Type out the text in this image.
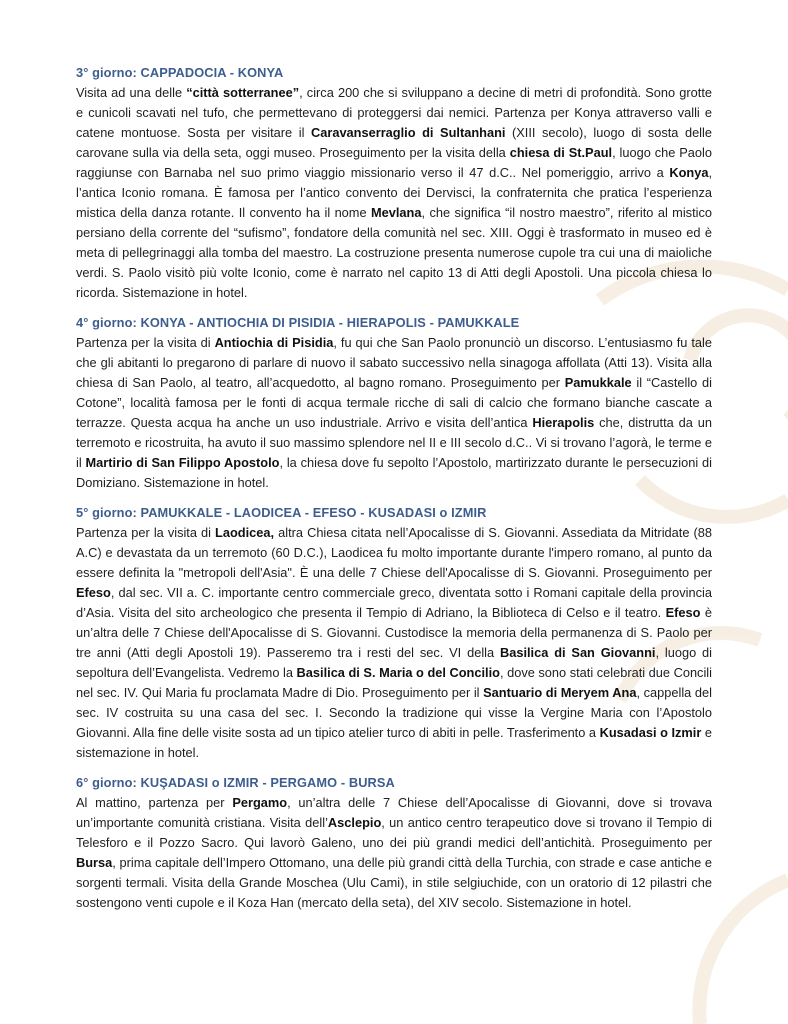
3° giorno: CAPPADOCIA - KONYA

Visita ad una delle “città sotterranee”, circa 200 che si sviluppano a decine di metri di profondità. Sono grotte e cunicoli scavati nel tufo, che permettevano di proteggersi dai nemici. Partenza per Konya attraverso valli e catene montuose. Sosta per visitare il Caravanserraglio di Sultanhani (XIII secolo), luogo di sosta delle carovane sulla via della seta, oggi museo. Proseguimento per la visita della chiesa di St.Paul, luogo che Paolo raggiunse con Barnaba nel suo primo viaggio missionario verso il 47 d.C.. Nel pomeriggio, arrivo a Konya, l’antica Iconio romana. È famosa per l’antico convento dei Dervisci, la confraternita che pratica l’esperienza mistica della danza rotante. Il convento ha il nome Mevlana, che significa “il nostro maestro”, riferito al mistico persiano della corrente del “sufismo”, fondatore della comunità nel sec. XIII. Oggi è trasformato in museo ed è meta di pellegrinaggi alla tomba del maestro. La costruzione presenta numerose cupole tra cui una di maioliche verdi. S. Paolo visitò più volte Iconio, come è narrato nel capito 13 di Atti degli Apostoli. Una piccola chiesa lo ricorda. Sistemazione in hotel.

4° giorno: KONYA - ANTIOCHIA DI PISIDIA - HIERAPOLIS - PAMUKKALE

Partenza per la visita di Antiochia di Pisidia, fu qui che San Paolo pronunciò un discorso. L’entusiasmo fu tale che gli abitanti lo pregarono di parlare di nuovo il sabato successivo nella sinagoga affollata (Atti 13). Visita alla chiesa di San Paolo, al teatro, all’acquedotto, al bagno romano. Proseguimento per Pamukkale il “Castello di Cotone”, località famosa per le fonti di acqua termale ricche di sali di calcio che formano bianche cascate a terrazze. Questa acqua ha anche un uso industriale. Arrivo e visita dell’antica Hierapolis che, distrutta da un terremoto e ricostruita, ha avuto il suo massimo splendore nel II e III secolo d.C.. Vi si trovano l’agorà, le terme e il Martirio di San Filippo Apostolo, la chiesa dove fu sepolto l’Apostolo, martirizzato durante le persecuzioni di Domiziano. Sistemazione in hotel.

5° giorno: PAMUKKALE - LAODICEA - EFESO - KUSADASI o IZMIR

Partenza per la visita di Laodicea, altra Chiesa citata nell’Apocalisse di S. Giovanni. Assediata da Mitridate (88 A.C) e devastata da un terremoto (60 D.C.), Laodicea fu molto importante durante l'impero romano, al punto da essere definita la "metropoli dell'Asia". È una delle 7 Chiese dell'Apocalisse di S. Giovanni. Proseguimento per Efeso, dal sec. VII a. C. importante centro commerciale greco, diventata sotto i Romani capitale della provincia d’Asia. Visita del sito archeologico che presenta il Tempio di Adriano, la Biblioteca di Celso e il teatro. Efeso è un’altra delle 7 Chiese dell'Apocalisse di S. Giovanni. Custodisce la memoria della permanenza di S. Paolo per tre anni (Atti degli Apostoli 19). Passeremo tra i resti del sec. VI della Basilica di San Giovanni, luogo di sepoltura dell’Evangelista. Vedremo la Basilica di S. Maria o del Concilio, dove sono stati celebrati due Concili nel sec. IV. Qui Maria fu proclamata Madre di Dio. Proseguimento per il Santuario di Meryem Ana, cappella del sec. IV costruita su una casa del sec. I. Secondo la tradizione qui visse la Vergine Maria con l’Apostolo Giovanni. Alla fine delle visite sosta ad un tipico atelier turco di abiti in pelle. Trasferimento a Kusadasi o Izmir e sistemazione in hotel.

6° giorno: KUŞADASI o IZMIR - PERGAMO - BURSA

Al mattino, partenza per Pergamo, un’altra delle 7 Chiese dell’Apocalisse di Giovanni, dove si trovava un’importante comunità cristiana. Visita dell’Asclepio, un antico centro terapeutico dove si trovano il Tempio di Telesforo e il Pozzo Sacro. Qui lavorò Galeno, uno dei più grandi medici dell’antichità. Proseguimento per Bursa, prima capitale dell’Impero Ottomano, una delle più grandi città della Turchia, con strade e case antiche e sorgenti termali. Visita della Grande Moschea (Ulu Cami), in stile selgiuchide, con un oratorio di 12 pilastri che sostengono venti cupole e il Koza Han (mercato della seta), del XIV secolo. Sistemazione in hotel.
